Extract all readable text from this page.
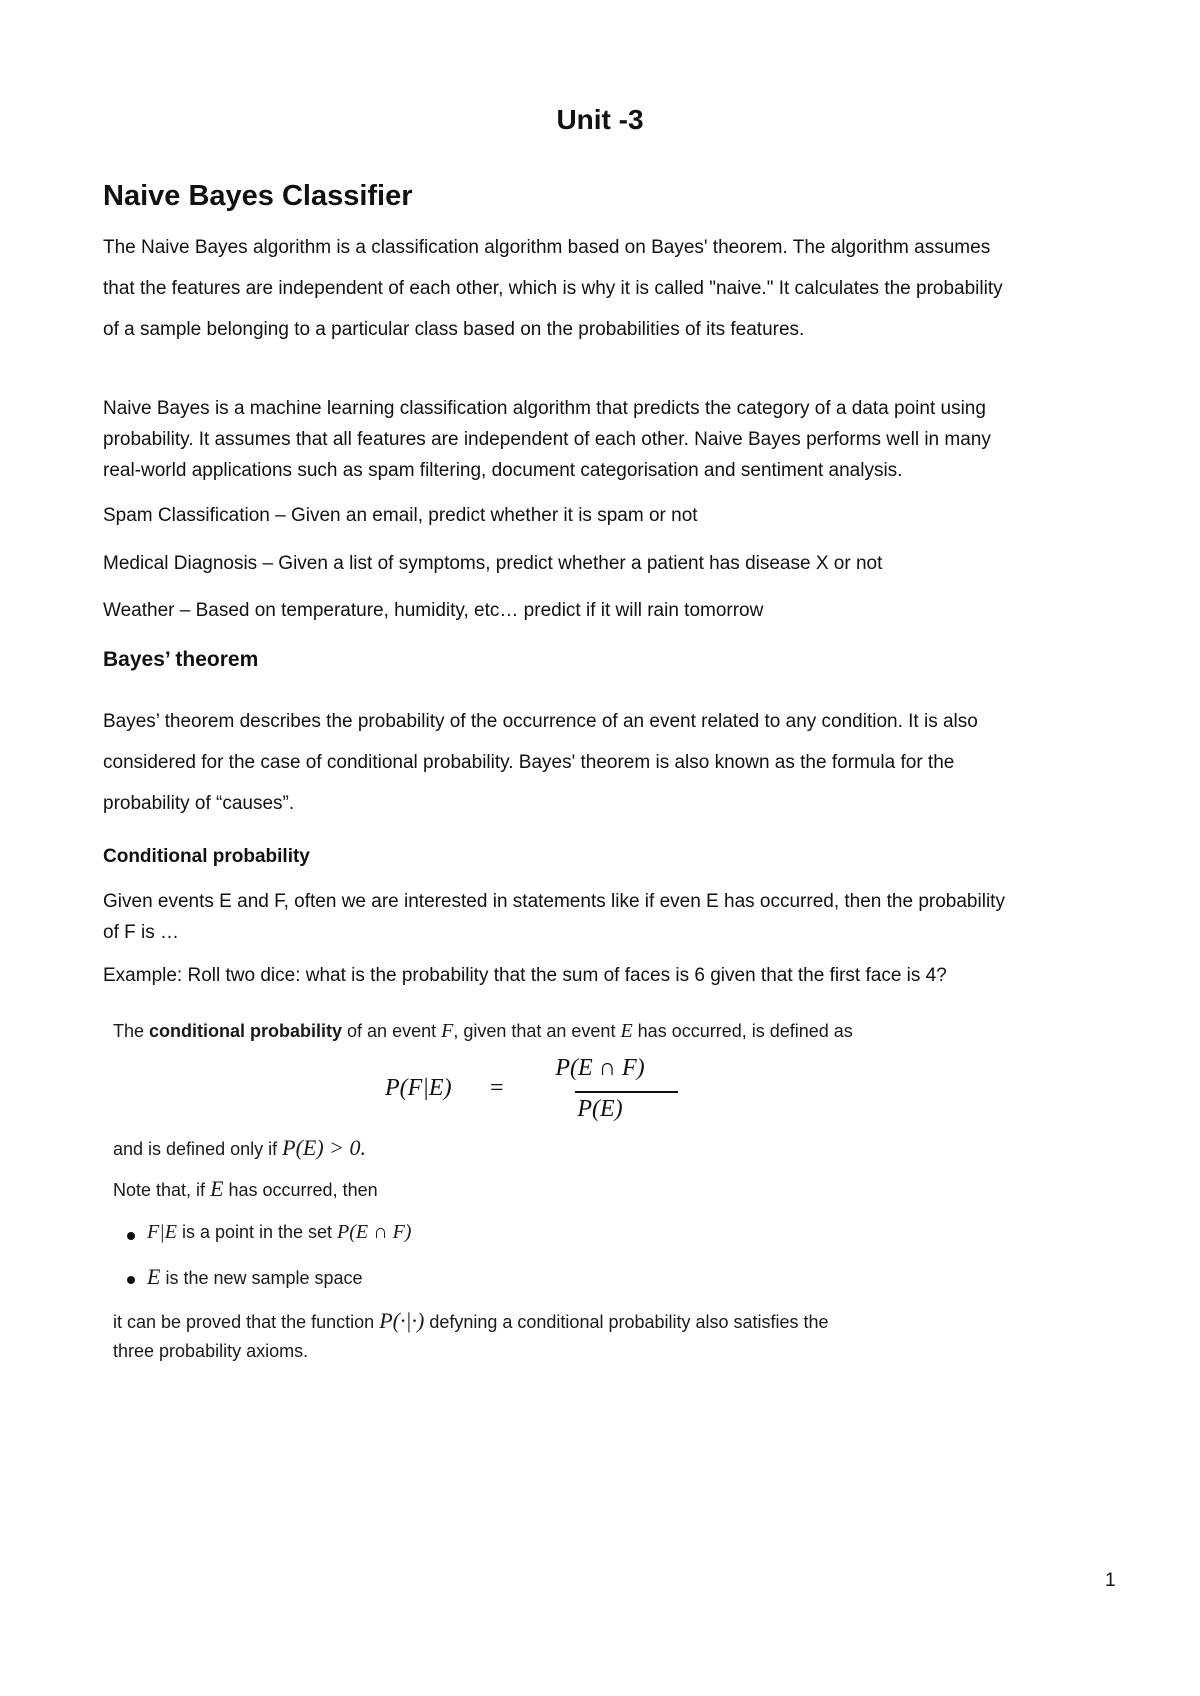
Unit -3
Naive Bayes Classifier
The Naive Bayes algorithm is a classification algorithm based on Bayes' theorem. The algorithm assumes
that the features are independent of each other, which is why it is called "naive." It calculates the probability
of a sample belonging to a particular class based on the probabilities of its features.
Naive Bayes is a machine learning classification algorithm that predicts the category of a data point using
probability. It assumes that all features are independent of each other. Naive Bayes performs well in many
real-world applications such as spam filtering, document categorisation and sentiment analysis.
Spam Classification – Given an email, predict whether it is spam or not
Medical Diagnosis – Given a list of symptoms, predict whether a patient has disease X or not
Weather – Based on temperature, humidity, etc… predict if it will rain tomorrow
Bayes’ theorem
Bayes’ theorem describes the probability of the occurrence of an event related to any condition. It is also
considered for the case of conditional probability. Bayes' theorem is also known as the formula for the
probability of “causes”.
Conditional probability
Given events E and F, often we are interested in statements like if even E has occurred, then the probability
of F is …
Example: Roll two dice: what is the probability that the sum of faces is 6 given that the first face is 4?
The conditional probability of an event F, given that an event E has occurred, is defined as
P(F|E) =
P(E ∩ F)
P(E)
and is defined only if P(E) > 0.
Note that, if E has occurred, then
F|E is a point in the set P(E ∩ F)
E is the new sample space
it can be proved that the function P(·|·) defyning a conditional probability also satisfies the
three probability axioms.
1
